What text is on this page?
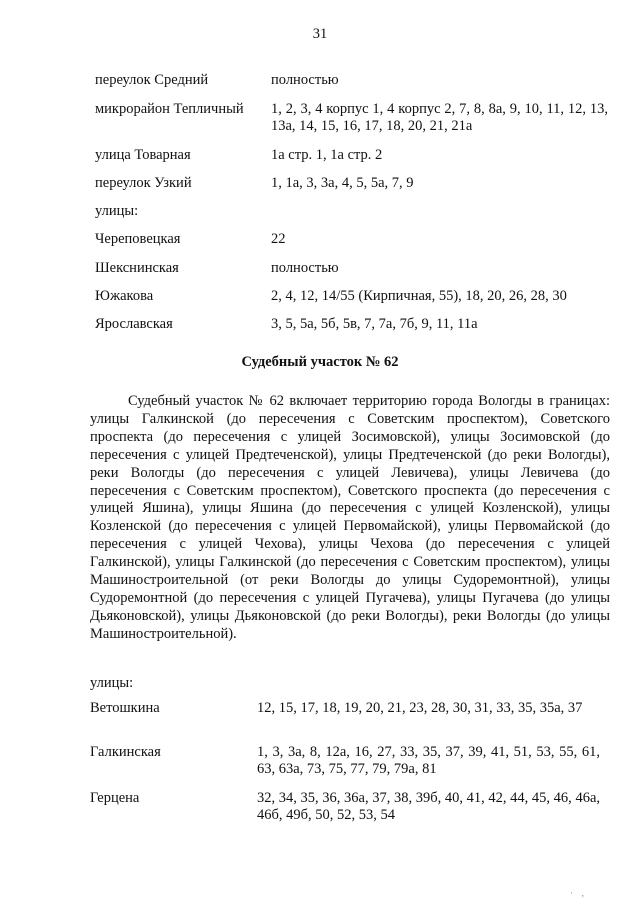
31
переулок Средний	полностью
микрорайон Тепличный	1, 2, 3, 4 корпус 1, 4 корпус 2, 7, 8, 8а, 9, 10, 11, 12, 13, 13а, 14, 15, 16, 17, 18, 20, 21, 21а
улица Товарная	1а стр. 1, 1а стр. 2
переулок Узкий	1, 1а, 3, 3а, 4, 5, 5а, 7, 9
улицы:
Череповецкая	22
Шекснинская	полностью
Южакова	2, 4, 12, 14/55 (Кирпичная, 55), 18, 20, 26, 28, 30
Ярославская	3, 5, 5а, 5б, 5в, 7, 7а, 7б, 9, 11, 11а
Судебный участок № 62
Судебный участок № 62 включает территорию города Вологды в границах: улицы Галкинской (до пересечения с Советским проспектом), Советского проспекта (до пересечения с улицей Зосимовской), улицы Зосимовской (до пересечения с улицей Предтеченской), улицы Предтеченской (до реки Вологды), реки Вологды (до пересечения с улицей Левичева), улицы Левичева (до пересечения с Советским проспектом), Советского проспекта (до пересечения с улицей Яшина), улицы Яшина (до пересечения с улицей Козленской), улицы Козленской (до пересечения с улицей Первомайской), улицы Первомайской (до пересечения с улицей Чехова), улицы Чехова (до пересечения с улицей Галкинской), улицы Галкинской (до пересечения с Советским проспектом), улицы Машиностроительной (от реки Вологды до улицы Судоремонтной), улицы Судоремонтной (до пересечения с улицей Пугачева), улицы Пугачева (до улицы Дьяконовской), улицы Дьяконовской (до реки Вологды), реки Вологды (до улицы Машиностроительной).
улицы:
Ветошкина	12, 15, 17, 18, 19, 20, 21, 23, 28, 30, 31, 33, 35, 35а, 37
Галкинская	1, 3, 3а, 8, 12а, 16, 27, 33, 35, 37, 39, 41, 51, 53, 55, 61, 63, 63а, 73, 75, 77, 79, 79а, 81
Герцена	32, 34, 35, 36, 36а, 37, 38, 39б, 40, 41, 42, 44, 45, 46, 46а, 46б, 49б, 50, 52, 53, 54
· ‚
